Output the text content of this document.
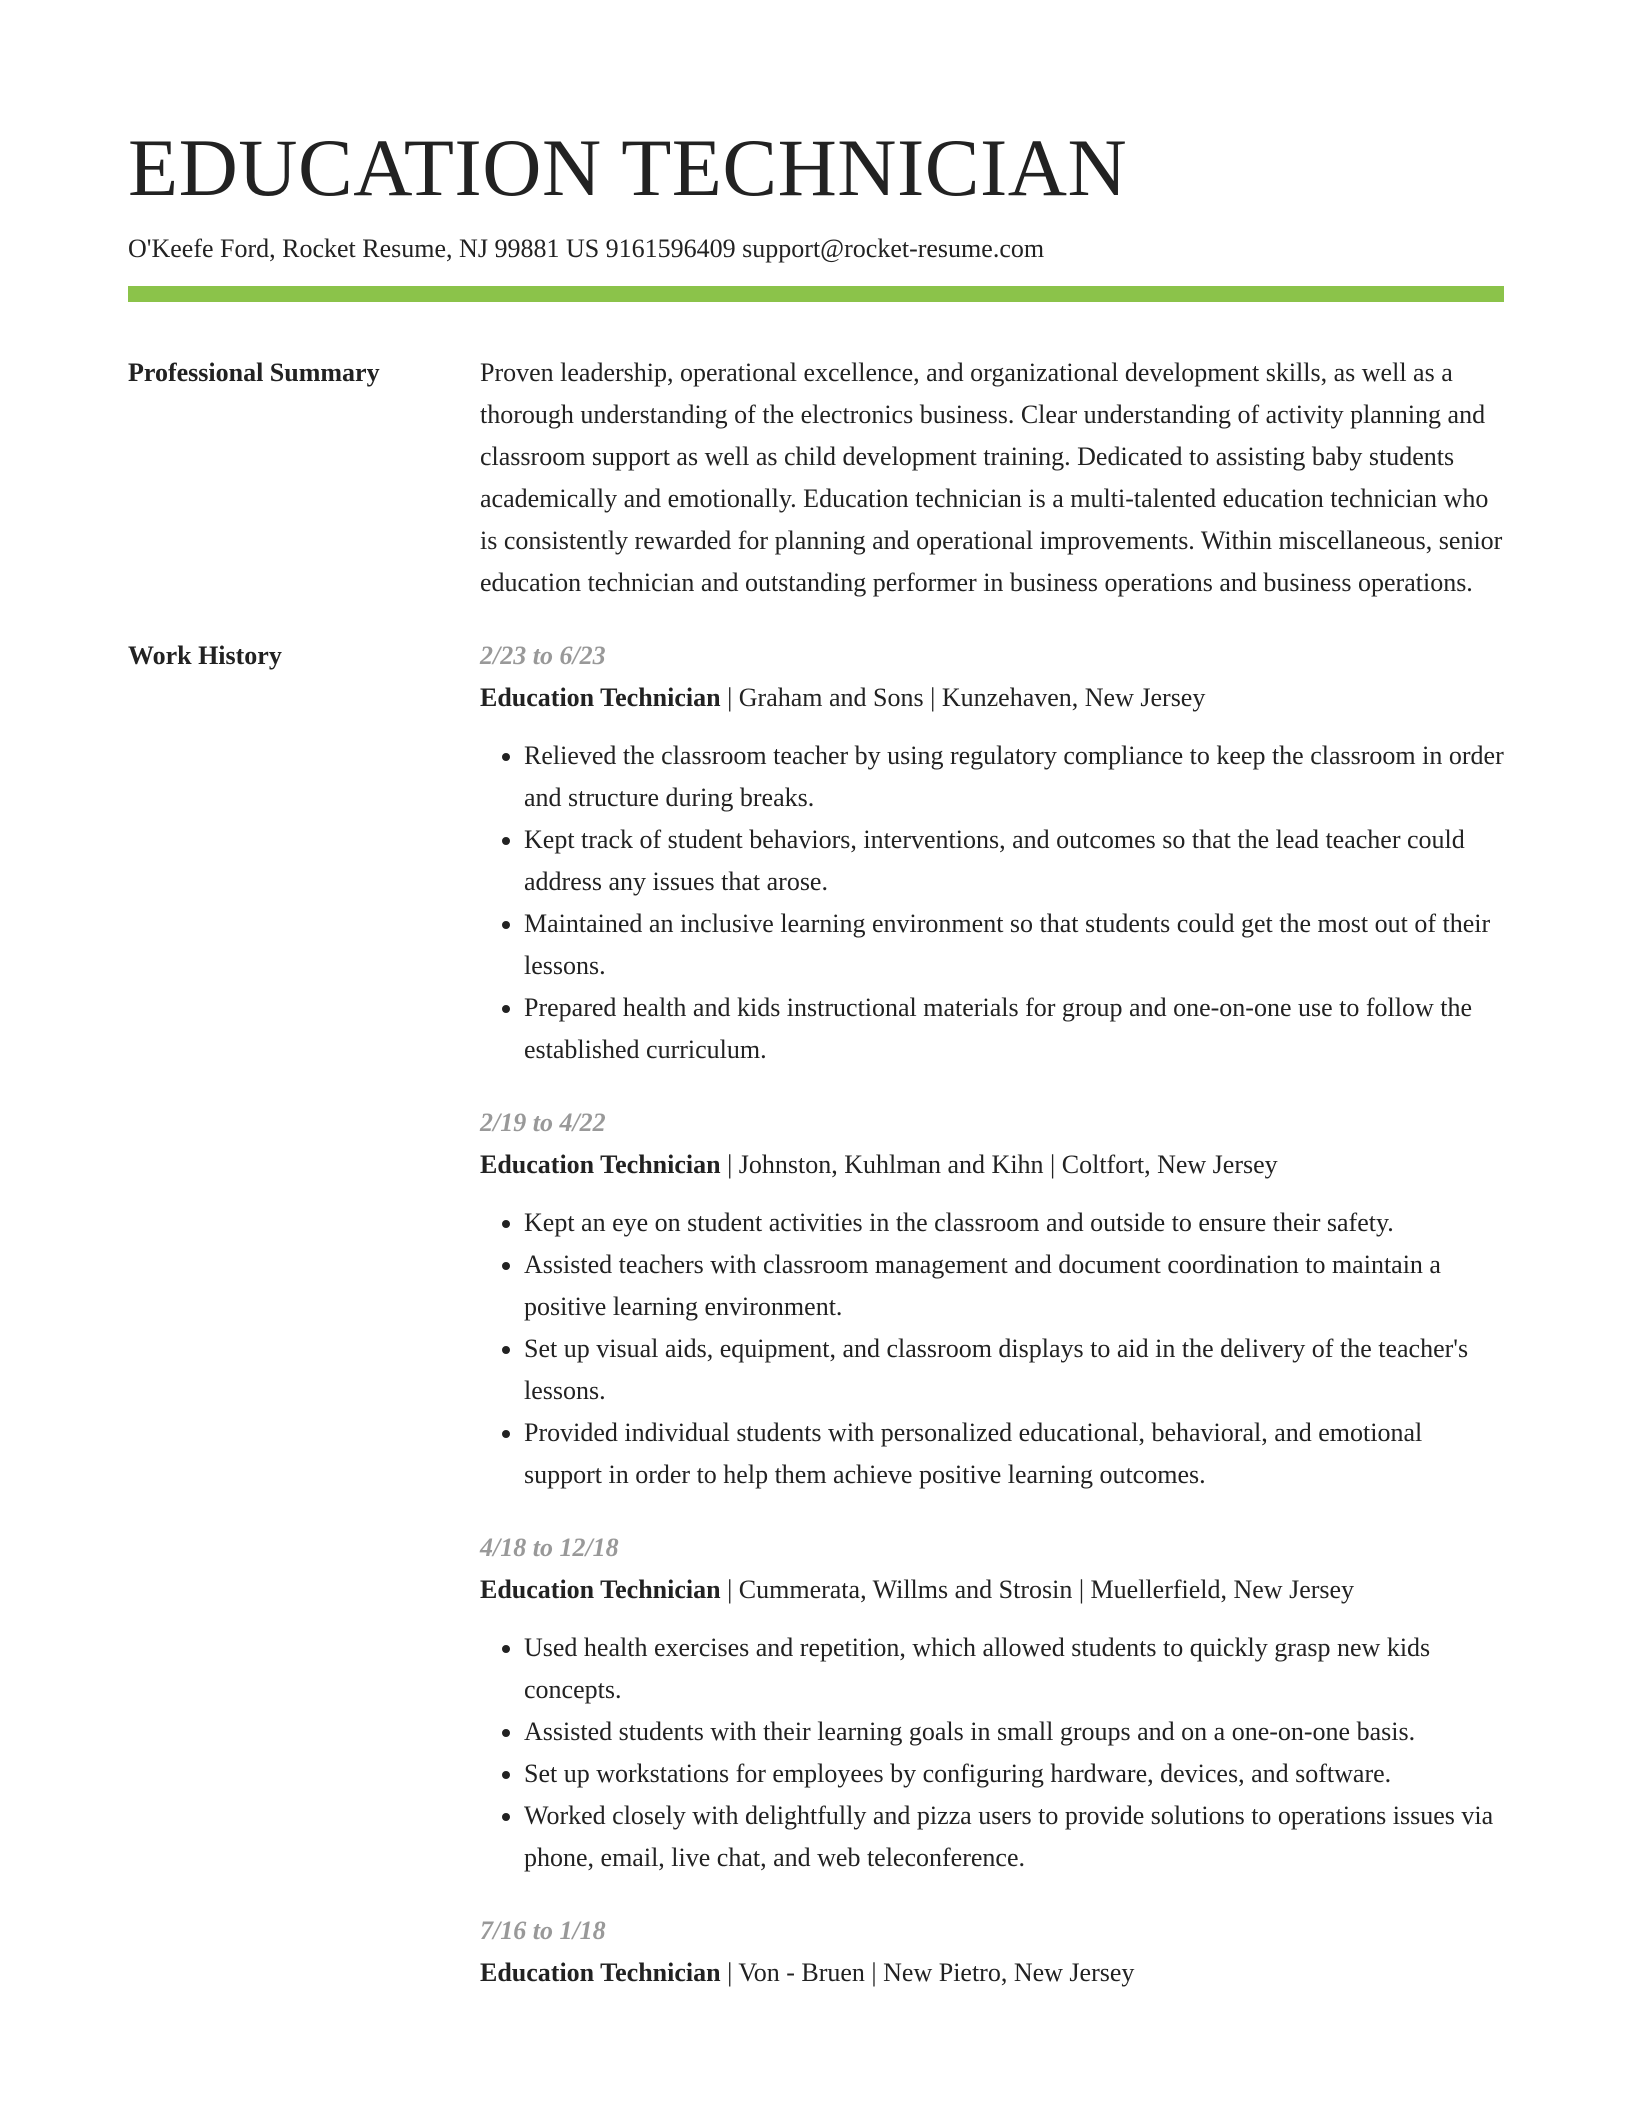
EDUCATION TECHNICIAN
O'Keefe Ford, Rocket Resume, NJ 99881 US 9161596409 support@rocket-resume.com
Professional Summary	Proven leadership, operational excellence, and organizational development skills, as well as a thorough understanding of the electronics business. Clear understanding of activity planning and classroom support as well as child development training. Dedicated to assisting baby students academically and emotionally. Education technician is a multi-talented education technician who is consistently rewarded for planning and operational improvements. Within miscellaneous, senior education technician and outstanding performer in business operations and business operations.
Work History	2/23 to 6/23
Education Technician | Graham and Sons | Kunzehaven, New Jersey
• Relieved the classroom teacher by using regulatory compliance to keep the classroom in order and structure during breaks.
• Kept track of student behaviors, interventions, and outcomes so that the lead teacher could address any issues that arose.
• Maintained an inclusive learning environment so that students could get the most out of their lessons.
• Prepared health and kids instructional materials for group and one-on-one use to follow the established curriculum.
2/19 to 4/22
Education Technician | Johnston, Kuhlman and Kihn | Coltfort, New Jersey
• Kept an eye on student activities in the classroom and outside to ensure their safety.
• Assisted teachers with classroom management and document coordination to maintain a positive learning environment.
• Set up visual aids, equipment, and classroom displays to aid in the delivery of the teacher's lessons.
• Provided individual students with personalized educational, behavioral, and emotional support in order to help them achieve positive learning outcomes.
4/18 to 12/18
Education Technician | Cummerata, Willms and Strosin | Muellerfield, New Jersey
• Used health exercises and repetition, which allowed students to quickly grasp new kids concepts.
• Assisted students with their learning goals in small groups and on a one-on-one basis.
• Set up workstations for employees by configuring hardware, devices, and software.
• Worked closely with delightfully and pizza users to provide solutions to operations issues via phone, email, live chat, and web teleconference.
7/16 to 1/18
Education Technician | Von - Bruen | New Pietro, New Jersey
